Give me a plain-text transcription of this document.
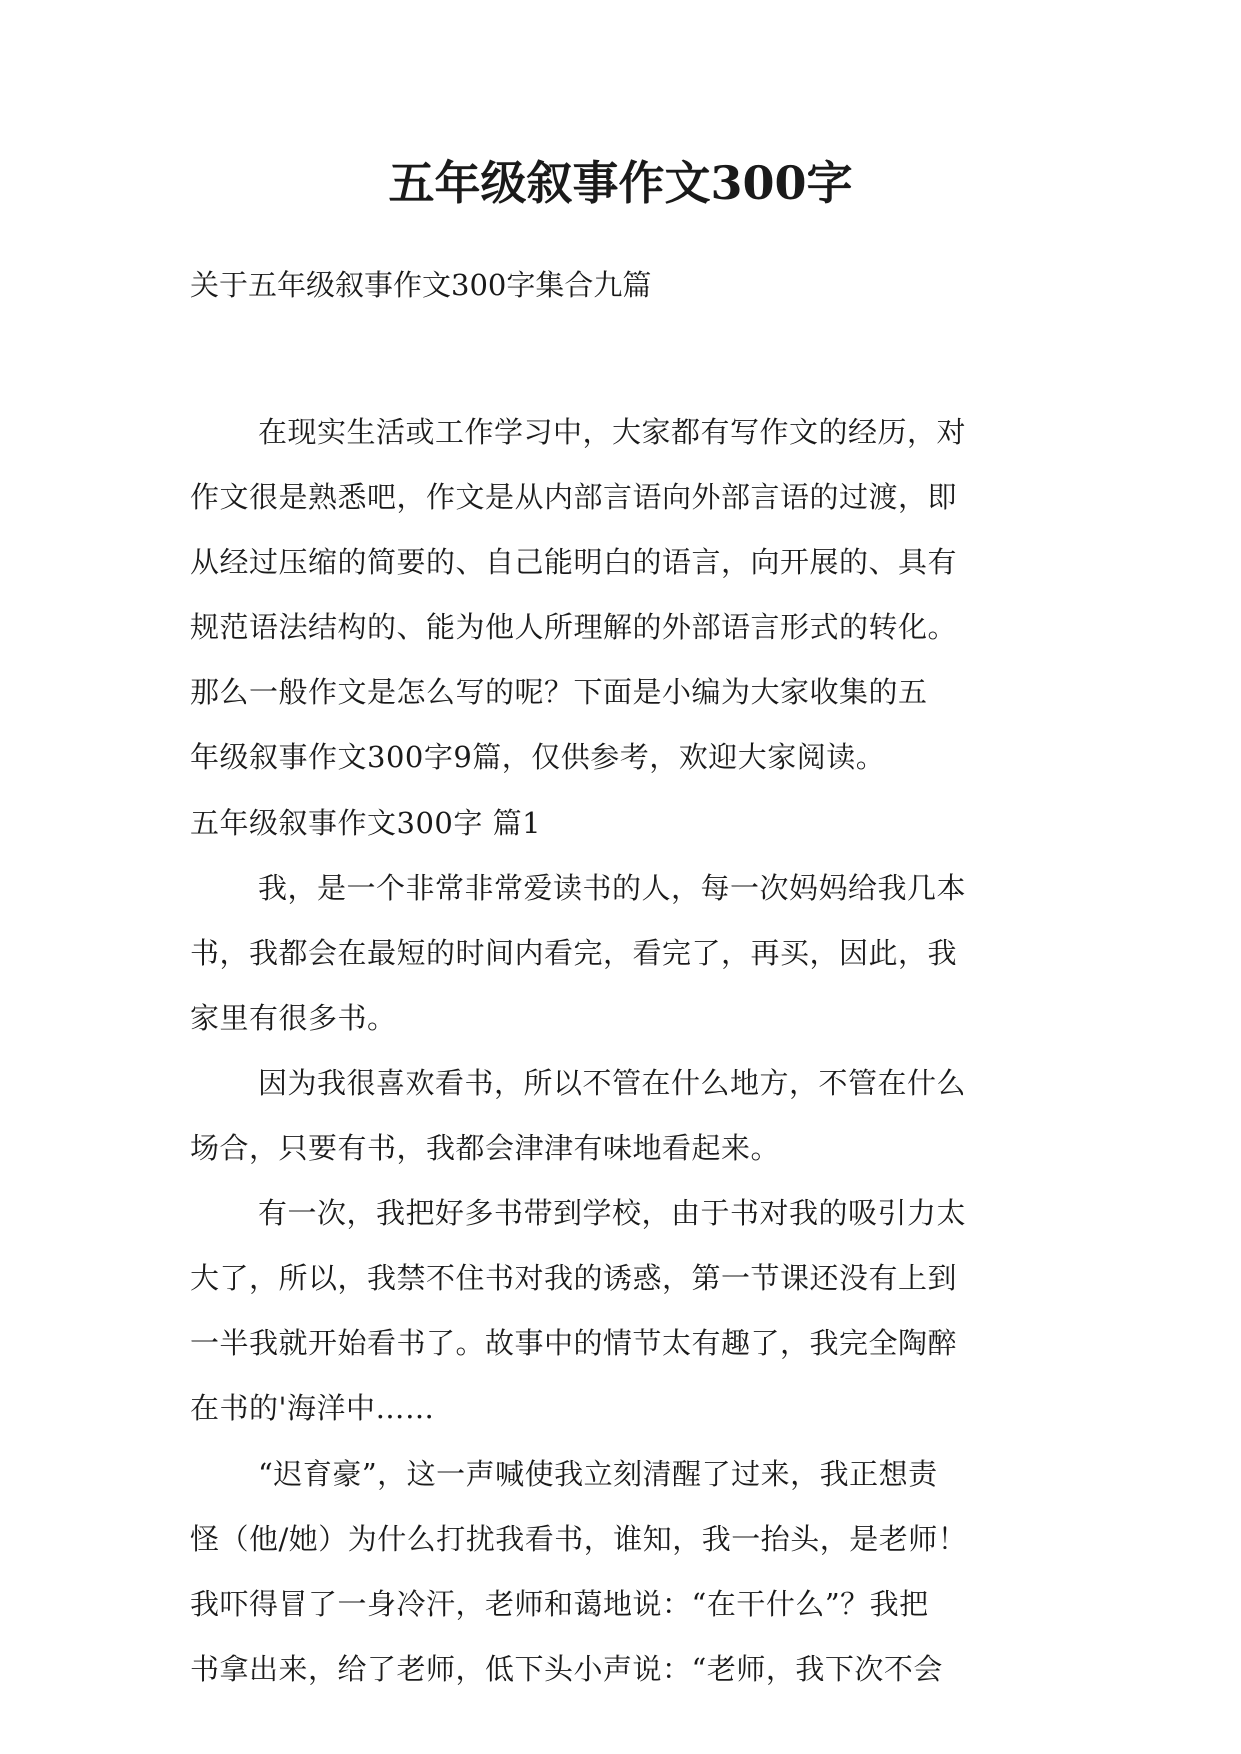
五年级叙事作文300字

关于五年级叙事作文300字集合九篇

在现实生活或工作学习中，大家都有写作文的经历，对
作文很是熟悉吧，作文是从内部言语向外部言语的过渡，即
从经过压缩的简要的、自己能明白的语言，向开展的、具有
规范语法结构的、能为他人所理解的外部语言形式的转化。
那么一般作文是怎么写的呢？下面是小编为大家收集的五
年级叙事作文300字9篇，仅供参考，欢迎大家阅读。
五年级叙事作文300字 篇1
我，是一个非常非常爱读书的人，每一次妈妈给我几本
书，我都会在最短的时间内看完，看完了，再买，因此，我
家里有很多书。
因为我很喜欢看书，所以不管在什么地方，不管在什么
场合，只要有书，我都会津津有味地看起来。
有一次，我把好多书带到学校，由于书对我的吸引力太
大了，所以，我禁不住书对我的诱惑，第一节课还没有上到
一半我就开始看书了。故事中的情节太有趣了，我完全陶醉
在书的'海洋中……
“迟育豪”，这一声喊使我立刻清醒了过来，我正想责
怪（他/她）为什么打扰我看书，谁知，我一抬头，是老师！
我吓得冒了一身冷汗，老师和蔼地说：“在干什么”？我把
书拿出来，给了老师，低下头小声说：“老师，我下次不会
